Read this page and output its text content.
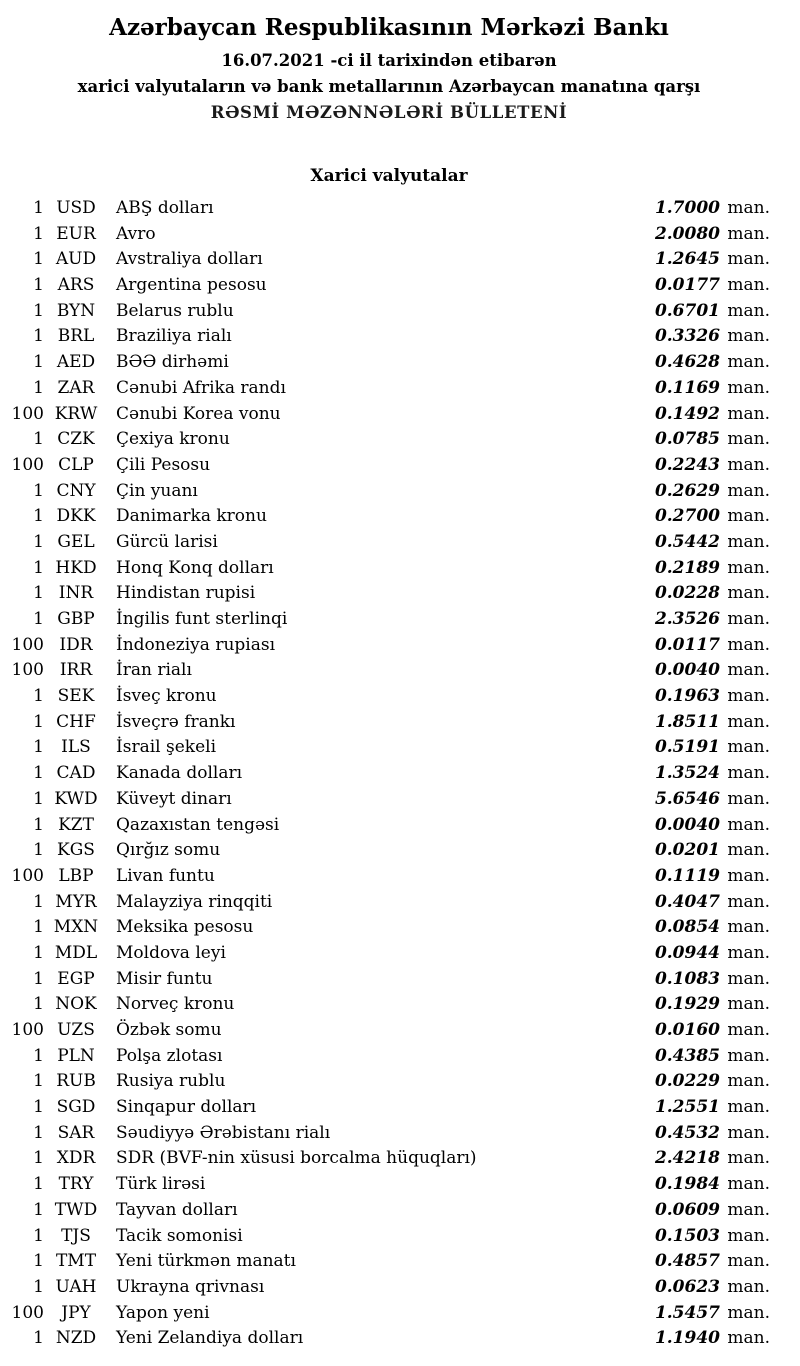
Azərbaycan Respublikasının Mərkəzi Bankı
16.07.2021 -ci il tarixindən etibarən
xarici valyutaların və bank metallarının Azərbaycan manatına qarşı
RƏSMİ MƏZƏNNƏLƏRİ BÜLLETENİ
Xarici valyutalar
1 USD	ABŞ dolları	1.7000 man.
1 EUR	Avro	2.0080 man.
1 AUD	Avstraliya dolları	1.2645 man.
1 ARS	Argentina pesosu	0.0177 man.
1 BYN	Belarus rublu	0.6701 man.
1 BRL	Braziliya rialı	0.3326 man.
1 AED	BƏƏ dirhəmi	0.4628 man.
1 ZAR	Cənubi Afrika randı	0.1169 man.
100 KRW	Cənubi Korea vonu	0.1492 man.
1 CZK	Çexiya kronu	0.0785 man.
100 CLP	Çili Pesosu	0.2243 man.
1 CNY	Çin yuanı	0.2629 man.
1 DKK	Danimarka kronu	0.2700 man.
1 GEL	Gürcü larisi	0.5442 man.
1 HKD	Honq Konq dolları	0.2189 man.
1 INR	Hindistan rupisi	0.0228 man.
1 GBP	İngilis funt sterlinqi	2.3526 man.
100 IDR	İndoneziya rupiası	0.0117 man.
100 IRR	İran rialı	0.0040 man.
1 SEK	İsveç kronu	0.1963 man.
1 CHF	İsveçrə frankı	1.8511 man.
1	ILS	İsrail şekeli	0.5191 man.
1 CAD	Kanada dolları	1.3524 man.
1 KWD	Küveyt dinarı	5.6546 man.
1 KZT	Qazaxıstan tengəsi	0.0040 man.
1 KGS	Qırğız somu	0.0201 man.
100 LBP	Livan funtu	0.1119 man.
1 MYR	Malayziya rinqqiti	0.4047 man.
1 MXN	Meksika pesosu	0.0854 man.
1 MDL	Moldova leyi	0.0944 man.
1 EGP	Misir funtu	0.1083 man.
1 NOK	Norveç kronu	0.1929 man.
100 UZS	Özbək somu	0.0160 man.
1 PLN	Polşa zlotası	0.4385 man.
1 RUB	Rusiya rublu	0.0229 man.
1 SGD	Sinqapur dolları	1.2551 man.
1 SAR	Səudiyyə Ərəbistanı rialı	0.4532 man.
1 XDR	SDR (BVF-nin xüsusi borcalma hüquqları)	2.4218 man.
1 TRY	Türk lirəsi	0.1984 man.
1 TWD	Tayvan dolları	0.0609 man.
1	TJS	Tacik somonisi	0.1503 man.
1 TMT	Yeni türkmən manatı	0.4857 man.
1 UAH	Ukrayna qrivnası	0.0623 man.
100	JPY	Yapon yeni	1.5457 man.
1 NZD	Yeni Zelandiya dolları	1.1940 man.
